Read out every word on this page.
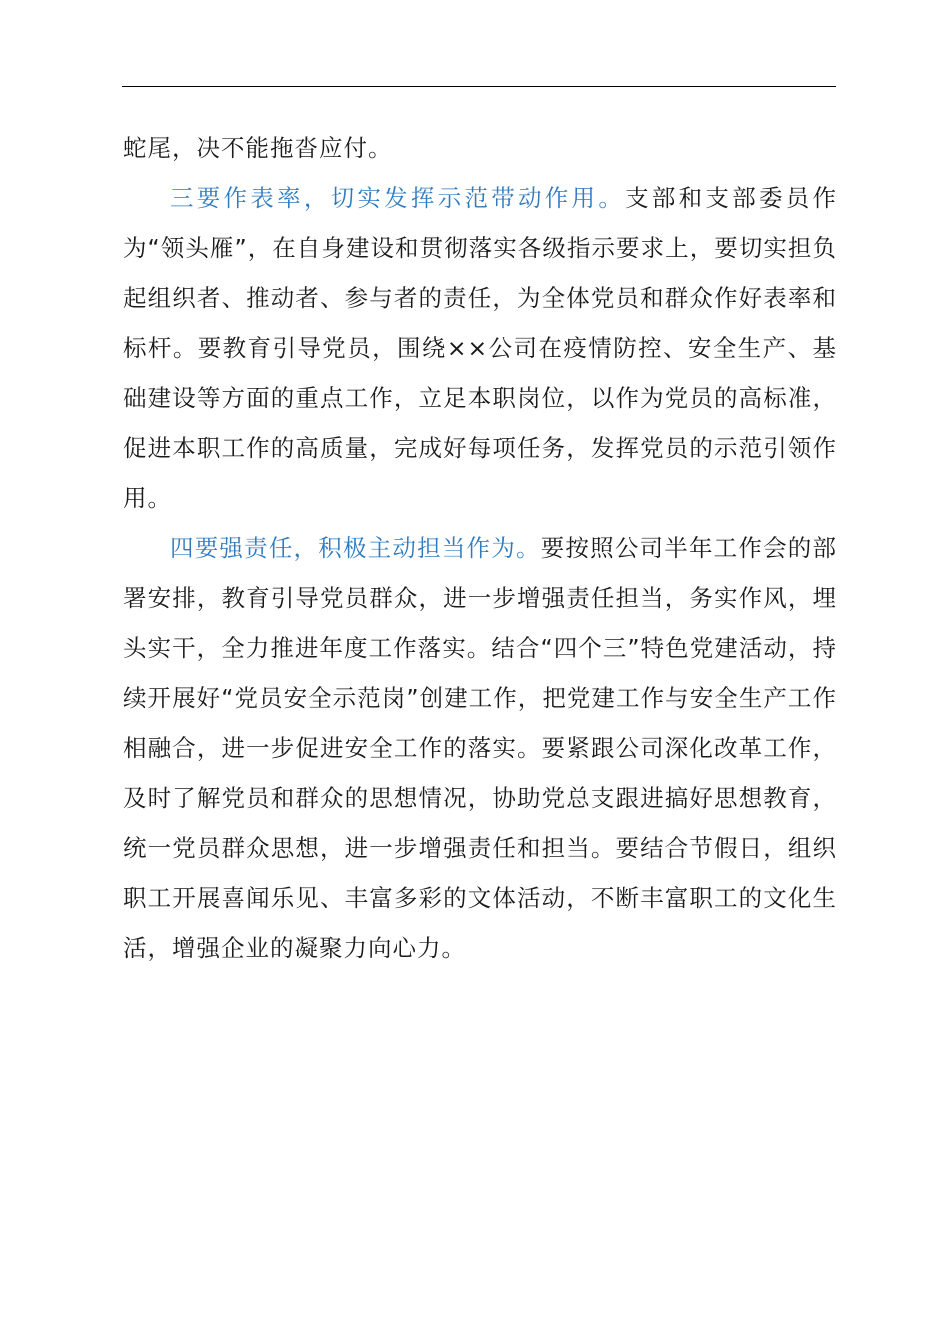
蛇尾，决不能拖沓应付。

三要作表率，切实发挥示范带动作用。支部和支部委员作为“领头雁”，在自身建设和贯彻落实各级指示要求上，要切实担负起组织者、推动者、参与者的责任，为全体党员和群众作好表率和标杆。要教育引导党员，围绕××公司在疫情防控、安全生产、基础建设等方面的重点工作，立足本职岗位，以作为党员的高标准，促进本职工作的高质量，完成好每项任务，发挥党员的示范引领作用。

四要强责任，积极主动担当作为。要按照公司半年工作会的部署安排，教育引导党员群众，进一步增强责任担当，务实作风，埋头实干，全力推进年度工作落实。结合“四个三”特色党建活动，持续开展好“党员安全示范岗”创建工作，把党建工作与安全生产工作相融合，进一步促进安全工作的落实。要紧跟公司深化改革工作，及时了解党员和群众的思想情况，协助党总支跟进搞好思想教育，统一党员群众思想，进一步增强责任和担当。要结合节假日，组织职工开展喜闻乐见、丰富多彩的文体活动，不断丰富职工的文化生活，增强企业的凝聚力向心力。
